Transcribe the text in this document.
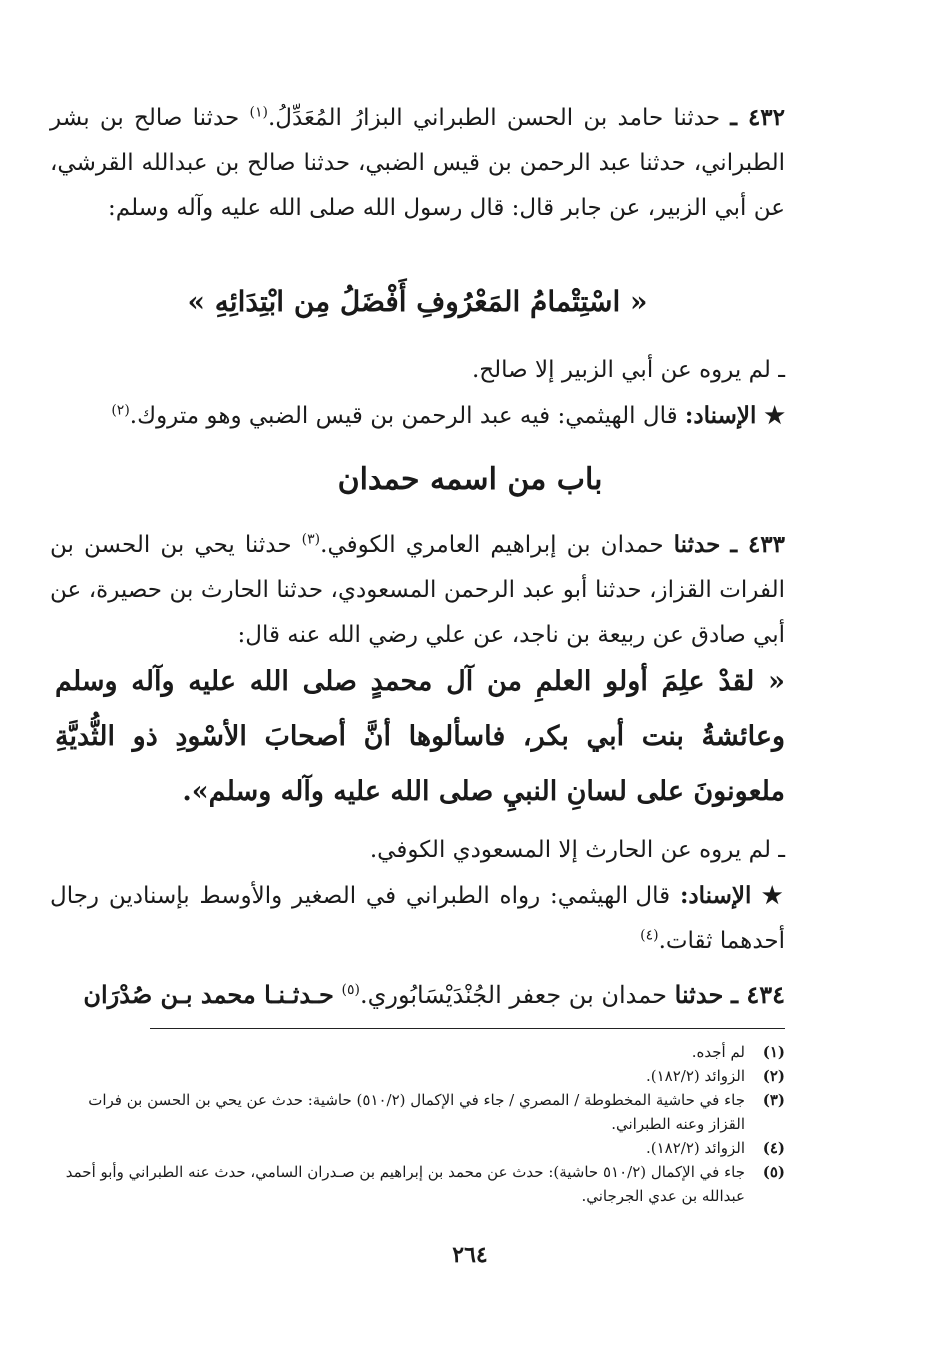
٤٣٢ ـ حدثنا حامد بن الحسن الطبراني البزارُ المُعَدِّلُ.$^{(١)}$ حدثنا صالح بن بشر الطبراني، حدثنا عبد الرحمن بن قيس الضبي، حدثنا صالح بن عبدالله القرشي، عن أبي الزبير، عن جابر قال: قال رسول الله صلى الله عليه وآله وسلم:

« اسْتِتْمامُ المَعْرُوفِ أَفْضَلُ مِن ابْتِدَائِهِ »

ـ لم يروه عن أبي الزبير إلا صالح.

★ الإسناد: قال الهيثمي: فيه عبد الرحمن بن قيس الضبي وهو متروك.$^{(٢)}$

باب من اسمه حمدان

٤٣٣ ـ حدثنا حمدان بن إبراهيم العامري الكوفي.$^{(٣)}$ حدثنا يحي بن الحسن بن الفرات القزاز، حدثنا أبو عبد الرحمن المسعودي، حدثنا الحارث بن حصيرة، عن أبي صادق عن ربيعة بن ناجد، عن علي رضي الله عنه قال:

« لقدْ علِمَ أولو العلمِ من آل محمدٍ صلى الله عليه وآله وسلم وعائشةُ بنت أبي بكر، فاسألوها أنَّ أصحابَ الأسْودِ ذو الثُّديَّةِ ملعونونَ على لسانِ النبيِ صلى الله عليه وآله وسلم».

ـ لم يروه عن الحارث إلا المسعودي الكوفي.

★ الإسناد: قال الهيثمي: رواه الطبراني في الصغير والأوسط بإسنادين رجال أحدهما ثقات.$^{(٤)}$

٤٣٤ ـ حدثنا حمدان بن جعفر الجُنْدَيْسَابُوري.$^{(٥)}$ حـدثـنـا محمد بـن صُدْرَان

(١)
لم أجده.
(٢)
الزوائد (١٨٢/٢).
(٣)
جاء في حاشية المخطوطة / المصري / جاء في الإكمال (٥١٠/٢) حاشية: حدث عن يحي بن الحسن بن فرات القزاز وعنه الطبراني.
(٤)
الزوائد (١٨٢/٢).
(٥)
جاء في الإكمال (٥١٠/٢ حاشية): حدث عن محمد بن إبراهيم بن صـدران السامي، حدث عنه الطبراني وأبو أحمد عبدالله بن عدي الجرجاني.
٢٦٤
